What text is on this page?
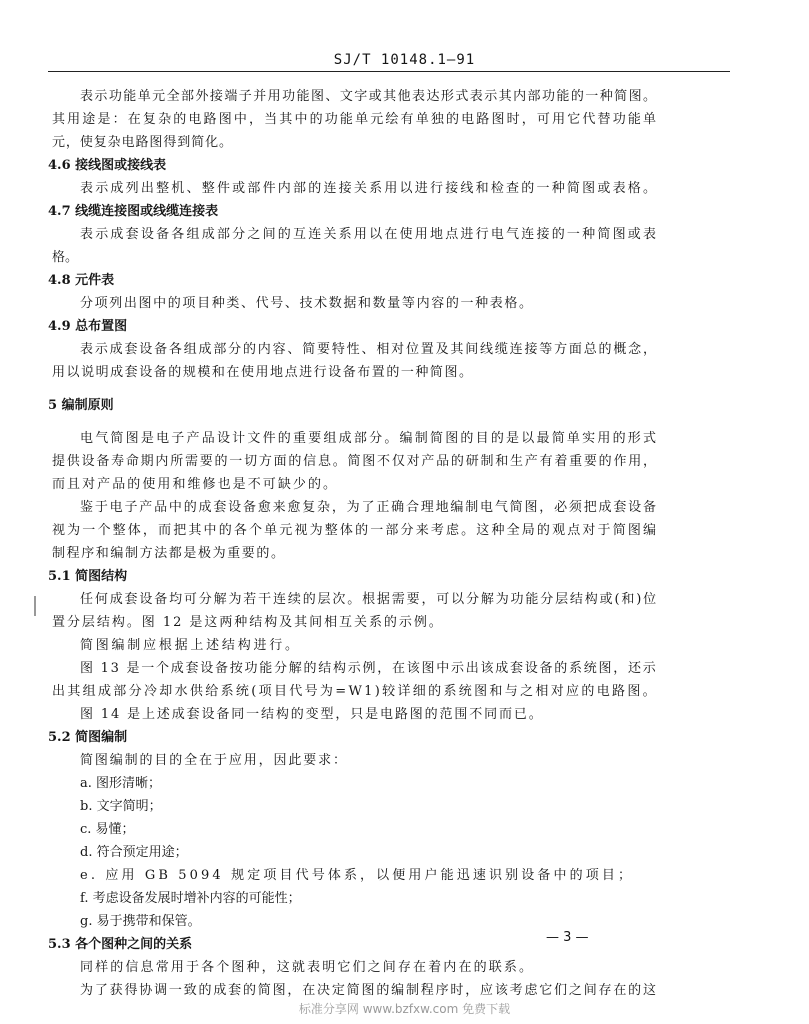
SJ/T 10148.1—91
表示功能单元全部外接端子并用功能图、文字或其他表达形式表示其内部功能的一种简图。
其用途是：在复杂的电路图中，当其中的功能单元绘有单独的电路图时，可用它代替功能单
元，使复杂电路图得到简化。
4.6 接线图或接线表
表示成列出整机、整件或部件内部的连接关系用以进行接线和检查的一种简图或表格。
4.7 线缆连接图或线缆连接表
表示成套设备各组成部分之间的互连关系用以在使用地点进行电气连接的一种简图或表
格。
4.8 元件表
分项列出图中的项目种类、代号、技术数据和数量等内容的一种表格。
4.9 总布置图
表示成套设备各组成部分的内容、简要特性、相对位置及其间线缆连接等方面总的概念，
用以说明成套设备的规模和在使用地点进行设备布置的一种简图。
5 编制原则
电气简图是电子产品设计文件的重要组成部分。编制简图的目的是以最简单实用的形式
提供设备寿命期内所需要的一切方面的信息。简图不仅对产品的研制和生产有着重要的作用，
而且对产品的使用和维修也是不可缺少的。
鉴于电子产品中的成套设备愈来愈复杂，为了正确合理地编制电气简图，必须把成套设备
视为一个整体，而把其中的各个单元视为整体的一部分来考虑。这种全局的观点对于简图编
制程序和编制方法都是极为重要的。
5.1 简图结构
任何成套设备均可分解为若干连续的层次。根据需要，可以分解为功能分层结构或(和)位
置分层结构。图 12 是这两种结构及其间相互关系的示例。
简图编制应根据上述结构进行。
图 13 是一个成套设备按功能分解的结构示例，在该图中示出该成套设备的系统图，还示
出其组成部分冷却水供给系统(项目代号为=W1)较详细的系统图和与之相对应的电路图。
图 14 是上述成套设备同一结构的变型，只是电路图的范围不同而已。
5.2 简图编制
简图编制的目的全在于应用，因此要求：
a. 图形清晰；
b. 文字简明；
c. 易懂；
d. 符合预定用途；
e. 应用 GB 5094 规定项目代号体系，以便用户能迅速识别设备中的项目；
f. 考虑设备发展时增补内容的可能性；
g. 易于携带和保管。
5.3 各个图种之间的关系
同样的信息常用于各个图种，这就表明它们之间存在着内在的联系。
为了获得协调一致的成套的简图，在决定简图的编制程序时，应该考虑它们之间存在的这
— 3 —
标准分享网 www.bzfxw.com 免费下载
